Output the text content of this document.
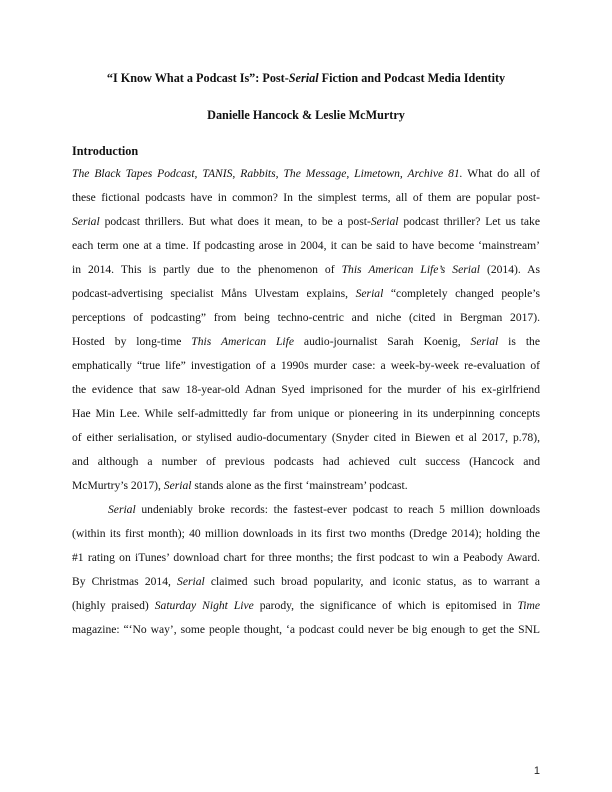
“I Know What a Podcast Is”: Post-Serial Fiction and Podcast Media Identity
Danielle Hancock & Leslie McMurtry
Introduction
The Black Tapes Podcast, TANIS, Rabbits, The Message, Limetown, Archive 81. What do all of
these fictional podcasts have in common? In the simplest terms, all of them are popular post-
Serial podcast thrillers. But what does it mean, to be a post-Serial podcast thriller? Let us take
each term one at a time. If podcasting arose in 2004, it can be said to have become ‘mainstream’
in 2014. This is partly due to the phenomenon of This American Life’s Serial (2014). As
podcast-advertising specialist Måns Ulvestam explains, Serial “completely changed people’s
perceptions of podcasting” from being techno-centric and niche (cited in Bergman 2017).
Hosted by long-time This American Life audio-journalist Sarah Koenig, Serial is the
emphatically “true life” investigation of a 1990s murder case: a week-by-week re-evaluation of
the evidence that saw 18-year-old Adnan Syed imprisoned for the murder of his ex-girlfriend
Hae Min Lee. While self-admittedly far from unique or pioneering in its underpinning concepts
of either serialisation, or stylised audio-documentary (Snyder cited in Biewen et al 2017, p.78),
and although a number of previous podcasts had achieved cult success (Hancock and
McMurtry’s 2017), Serial stands alone as the first ‘mainstream’ podcast.
Serial undeniably broke records: the fastest-ever podcast to reach 5 million downloads
(within its first month); 40 million downloads in its first two months (Dredge 2014); holding the
#1 rating on iTunes’ download chart for three months; the first podcast to win a Peabody Award.
By Christmas 2014, Serial claimed such broad popularity, and iconic status, as to warrant a
(highly praised) Saturday Night Live parody, the significance of which is epitomised in Time
magazine: “‘No way’, some people thought, ‘a podcast could never be big enough to get the SNL
1
